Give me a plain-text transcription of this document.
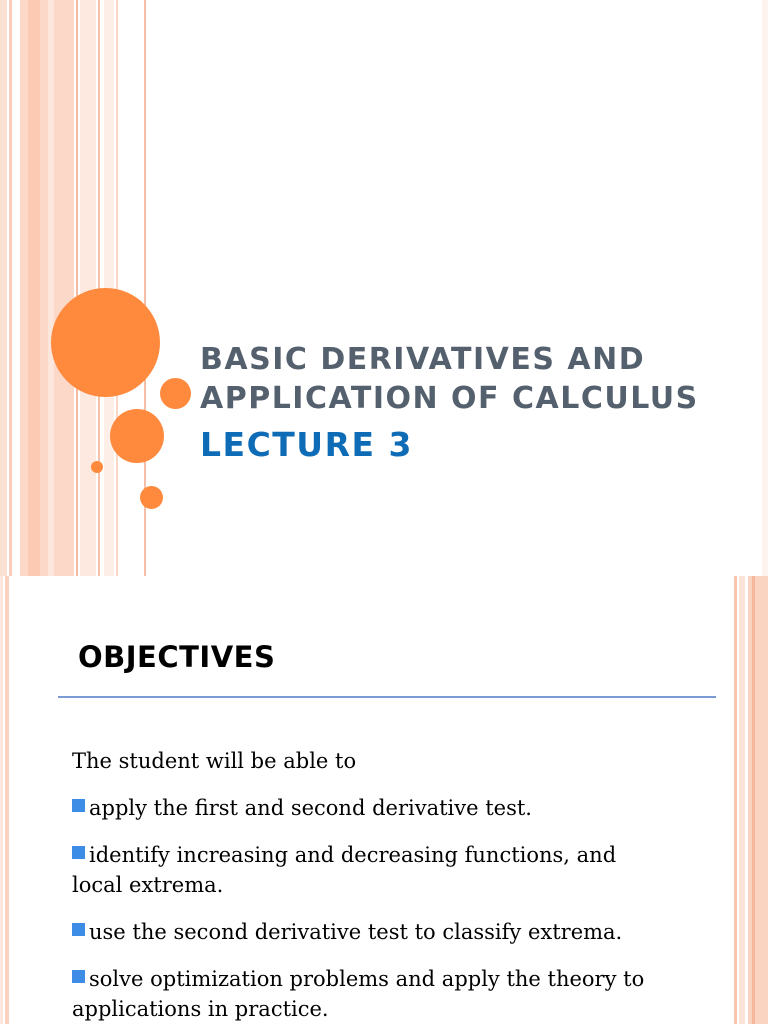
BASIC DERIVATIVES AND APPLICATION OF CALCULUS
LECTURE 3
OBJECTIVES

The student will be able to

apply the first and second derivative test.

identify increasing and decreasing functions, and local extrema.

use the second derivative test to classify extrema.

solve optimization problems and apply the theory to applications in practice.
